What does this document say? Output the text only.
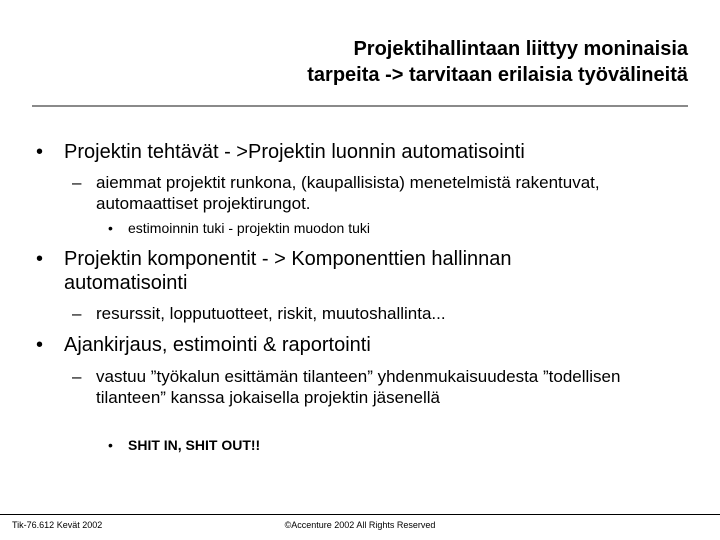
Projektihallintaan liittyy moninaisia
tarpeita -> tarvitaan erilaisia työvälineitä
• Projektin tehtävät - >Projektin luonnin automatisointi
– aiemmat projektit runkona, (kaupallisista) menetelmistä rakentuvat, automaattiset projektirungot.
• estimoinnin tuki - projektin muodon tuki
• Projektin komponentit - > Komponenttien hallinnan automatisointi
– resurssit, lopputuotteet, riskit, muutoshallinta...
• Ajankirjaus, estimointi & raportointi
– vastuu ”työkalun esittämän tilanteen” yhdenmukaisuudesta ”todellisen tilanteen” kanssa jokaisella projektin jäsenellä
• SHIT IN, SHIT OUT!!
Tik-76.612 Kevät 2002	©Accenture 2002 All Rights Reserved
